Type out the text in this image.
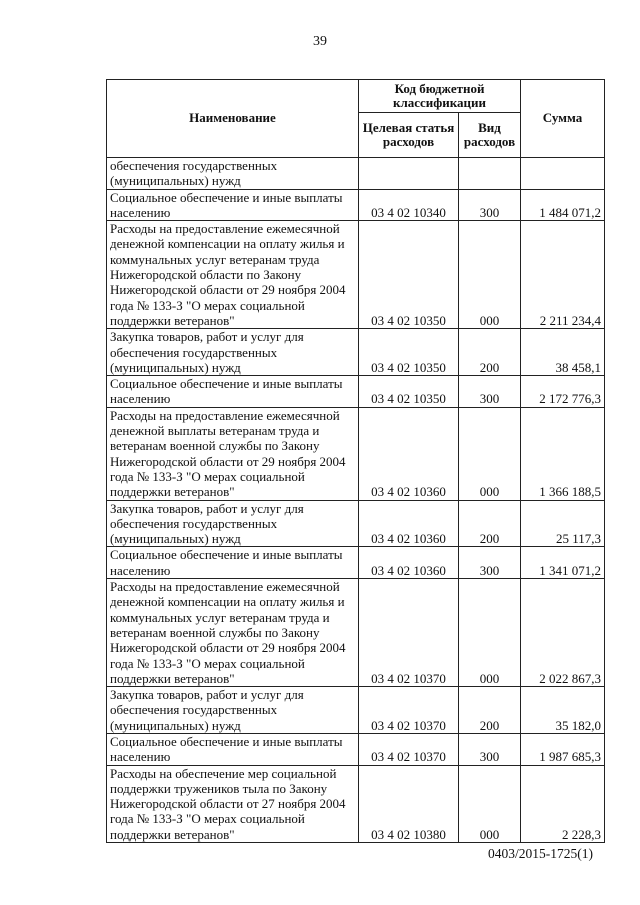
39
Наименование	Код бюджетной классификации		Сумма
	Целевая статья расходов	Вид расходов	
обеспечения государственных (муниципальных) нужд			
Социальное обеспечение и иные выплаты населению	03 4 02 10340	300	1 484 071,2
Расходы на предоставление ежемесячной денежной компенсации на оплату жилья и коммунальных услуг ветеранам труда Нижегородской области по Закону Нижегородской области от 29 ноября 2004 года № 133-З "О мерах социальной поддержки ветеранов"	03 4 02 10350	000	2 211 234,4
Закупка товаров, работ и услуг для обеспечения государственных (муниципальных) нужд	03 4 02 10350	200	38 458,1
Социальное обеспечение и иные выплаты населению	03 4 02 10350	300	2 172 776,3
Расходы на предоставление ежемесячной денежной выплаты ветеранам труда и ветеранам военной службы по Закону Нижегородской области от 29 ноября 2004 года № 133-З "О мерах социальной поддержки ветеранов"	03 4 02 10360	000	1 366 188,5
Закупка товаров, работ и услуг для обеспечения государственных (муниципальных) нужд	03 4 02 10360	200	25 117,3
Социальное обеспечение и иные выплаты населению	03 4 02 10360	300	1 341 071,2
Расходы на предоставление ежемесячной денежной компенсации на оплату жилья и коммунальных услуг ветеранам труда и ветеранам военной службы по Закону Нижегородской области от 29 ноября 2004 года № 133-З "О мерах социальной поддержки ветеранов"	03 4 02 10370	000	2 022 867,3
Закупка товаров, работ и услуг для обеспечения государственных (муниципальных) нужд	03 4 02 10370	200	35 182,0
Социальное обеспечение и иные выплаты населению	03 4 02 10370	300	1 987 685,3
Расходы на обеспечение мер социальной поддержки тружеников тыла по Закону Нижегородской области от 27 ноября 2004 года № 133-З "О мерах социальной поддержки ветеранов"	03 4 02 10380	000	2 228,3
0403/2015-1725(1)
